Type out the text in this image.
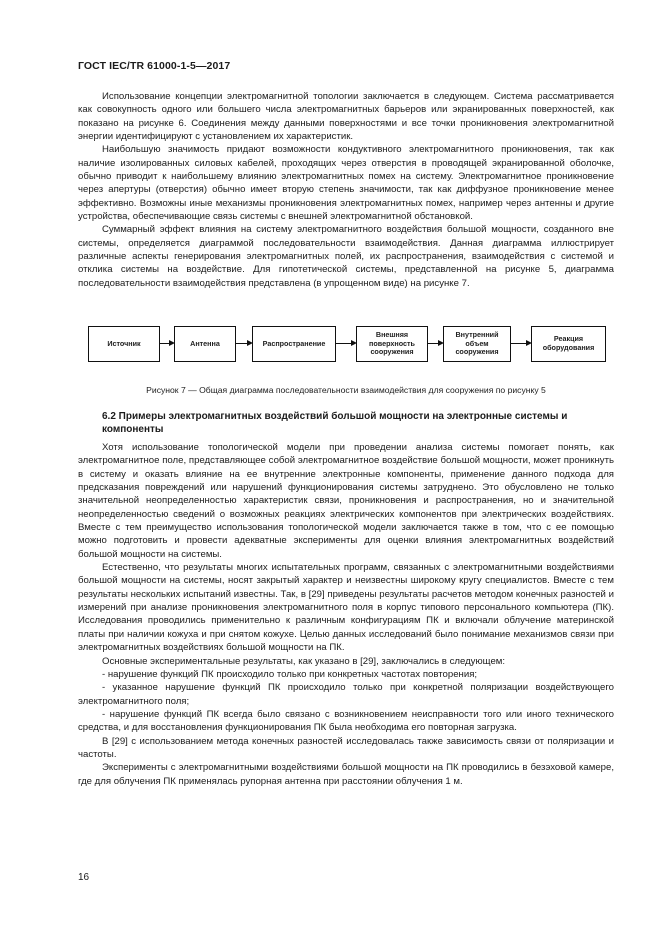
ГОСТ IEC/TR 61000-1-5—2017

Использование концепции электромагнитной топологии заключается в следующем. Система рассматривается как совокупность одного или большего числа электромагнитных барьеров или экранированных поверхностей, как показано на рисунке 6. Соединения между данными поверхностями и все точки проникновения электромагнитной энергии идентифицируют с установлением их характеристик.

Наибольшую значимость придают возможности кондуктивного электромагнитного проникновения, так как наличие изолированных силовых кабелей, проходящих через отверстия в проводящей экранированной оболочке, обычно приводит к наибольшему влиянию электромагнитных помех на систему. Электромагнитное проникновение через апертуры (отверстия) обычно имеет вторую степень значимости, так как диффузное проникновение менее эффективно. Возможны иные механизмы проникновения электромагнитных помех, например через антенны и другие устройства, обеспечивающие связь системы с внешней электромагнитной обстановкой.

Суммарный эффект влияния на систему электромагнитного воздействия большой мощности, созданного вне системы, определяется диаграммой последовательности взаимодействия. Данная диаграмма иллюстрирует различные аспекты генерирования электромагнитных полей, их распространения, взаимодействия с системой и отклика системы на воздействие. Для гипотетической системы, представленной на рисунке 5, диаграмма последовательности взаимодействия представлена (в упрощенном виде) на рисунке 7.

Источник	Антенна	Распространение
Внешняя поверхность сооружения
Внутренний объем сооружения
Реакция оборудования
Рисунок 7 — Общая диаграмма последовательности взаимодействия для сооружения по рисунку 5
6.2 Примеры электромагнитных воздействий большой мощности на электронные системы и компоненты

Хотя использование топологической модели при проведении анализа системы помогает понять, как электромагнитное поле, представляющее собой электромагнитное воздействие большой мощности, может проникнуть в систему и оказать влияние на ее внутренние электронные компоненты, применение данного подхода для предсказания повреждений или нарушений функционирования системы затруднено. Это обусловлено не только значительной неопределенностью характеристик связи, проникновения и распространения, но и значительной неопределенностью сведений о возможных реакциях электрических компонентов при электрических воздействиях. Вместе с тем преимущество использования топологической модели заключается также в том, что с ее помощью можно подготовить и провести адекватные эксперименты для оценки влияния электромагнитных воздействий большой мощности на системы.

Естественно, что результаты многих испытательных программ, связанных с электромагнитными воздействиями большой мощности на системы, носят закрытый характер и неизвестны широкому кругу специалистов. Вместе с тем результаты нескольких испытаний известны. Так, в [29] приведены результаты расчетов методом конечных разностей и измерений при анализе проникновения электромагнитного поля в корпус типового персонального компьютера (ПК). Исследования проводились применительно к различным конфигурациям ПК и включали облучение материнской платы при наличии кожуха и при снятом кожухе. Целью данных исследований было понимание механизмов связи при электромагнитных воздействиях большой мощности на ПК.

Основные экспериментальные результаты, как указано в [29], заключались в следующем:

- нарушение функций ПК происходило только при конкретных частотах повторения;

- указанное нарушение функций ПК происходило только при конкретной поляризации воздействующего электромагнитного поля;

- нарушение функций ПК всегда было связано с возникновением неисправности того или иного технического средства, и для восстановления функционирования ПК была необходима его повторная загрузка.

В [29] с использованием метода конечных разностей исследовалась также зависимость связи от поляризации и частоты.

Эксперименты с электромагнитными воздействиями большой мощности на ПК проводились в безэховой камере, где для облучения ПК применялась рупорная антенна при расстоянии облучения 1 м.

16
